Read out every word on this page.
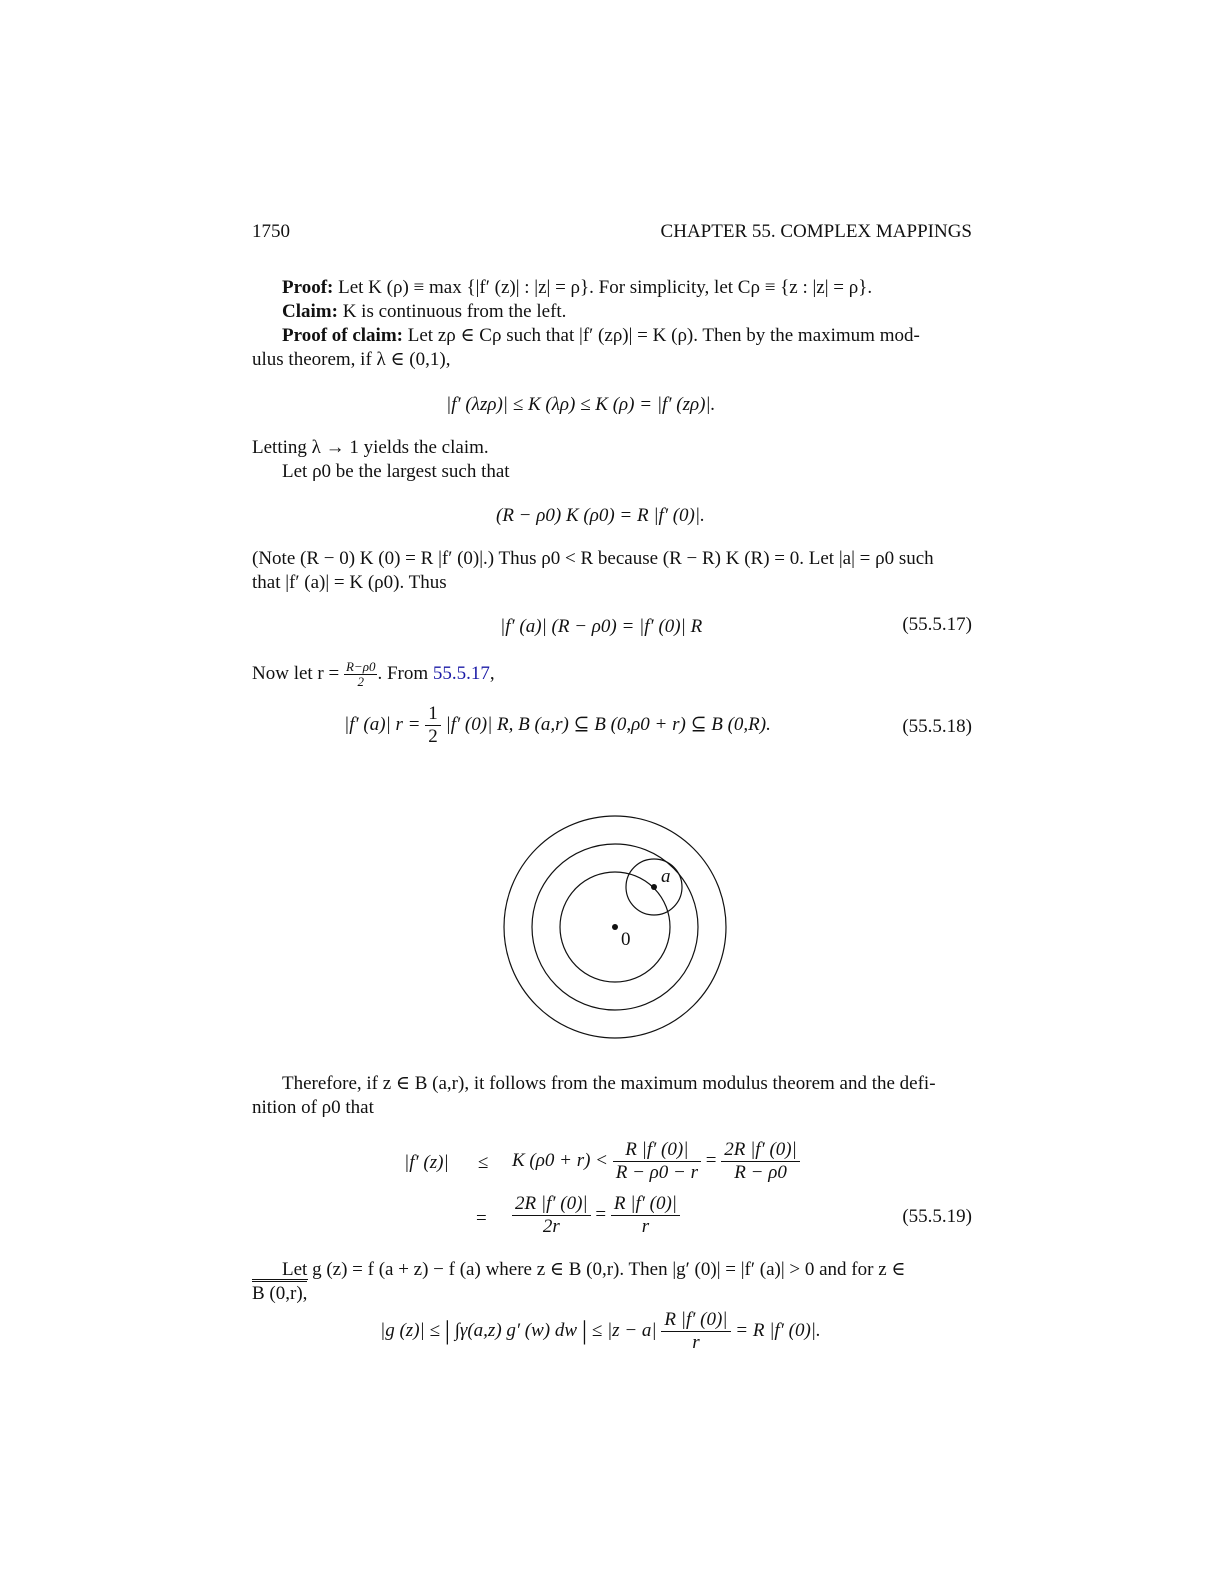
1750	CHAPTER 55. COMPLEX MAPPINGS
Proof: Let K (ρ) ≡ max {|f′ (z)| : |z| = ρ}. For simplicity, let Cρ ≡ {z : |z| = ρ}.
Claim: K is continuous from the left.
Proof of claim: Let zρ ∈ Cρ such that |f′ (zρ)| = K (ρ). Then by the maximum mod-
ulus theorem, if λ ∈ (0,1),
|f′ (λzρ)| ≤ K (λρ) ≤ K (ρ) = |f′ (zρ)|.
Letting λ → 1 yields the claim.
Let ρ0 be the largest such that
(R − ρ0) K (ρ0) = R |f′ (0)|.
(Note (R − 0) K (0) = R |f′ (0)|.) Thus ρ0 < R because (R − R) K (R) = 0. Let |a| = ρ0 such
that |f′ (a)| = K (ρ0). Thus
|f′ (a)| (R − ρ0) = |f′ (0)| R	(55.5.17)
Now let $r = \frac{R-\rho 0}{2}$ . From 55.5.17,
|f′ (a)| $r = \frac{1}{2} |f'$ (0)| R, B (a,r) ⊆ B (0,ρ0 + r) ⊆ B (0,R).	(55.5.18)
a
0
Therefore, if z ∈ B (a,r), it follows from the maximum modulus theorem and the defi-
nition of ρ0 that
|f′ (z)| ≤ K $(\rho 0 + r) < \frac{R |f' (0)|}{R - \rho 0 - r} = \frac{2R |f' (0)|}{R - \rho 0}$
= $\frac{2R |f' (0)|}{2r} = \frac{R |f' (0)|}{r}$	(55.5.19)
Let g (z) = f (a + z) − f (a) where z ∈ B (0,r). Then |g′ (0)| = |f′ (a)| > 0 and for z ∈
B (0,r),
|g (z)| ≤ | ∫γ(a,z) g′ (w) dw | ≤ $|z - a| \frac{R |f' (0)|}{r} = R$ |f′ (0)|.
